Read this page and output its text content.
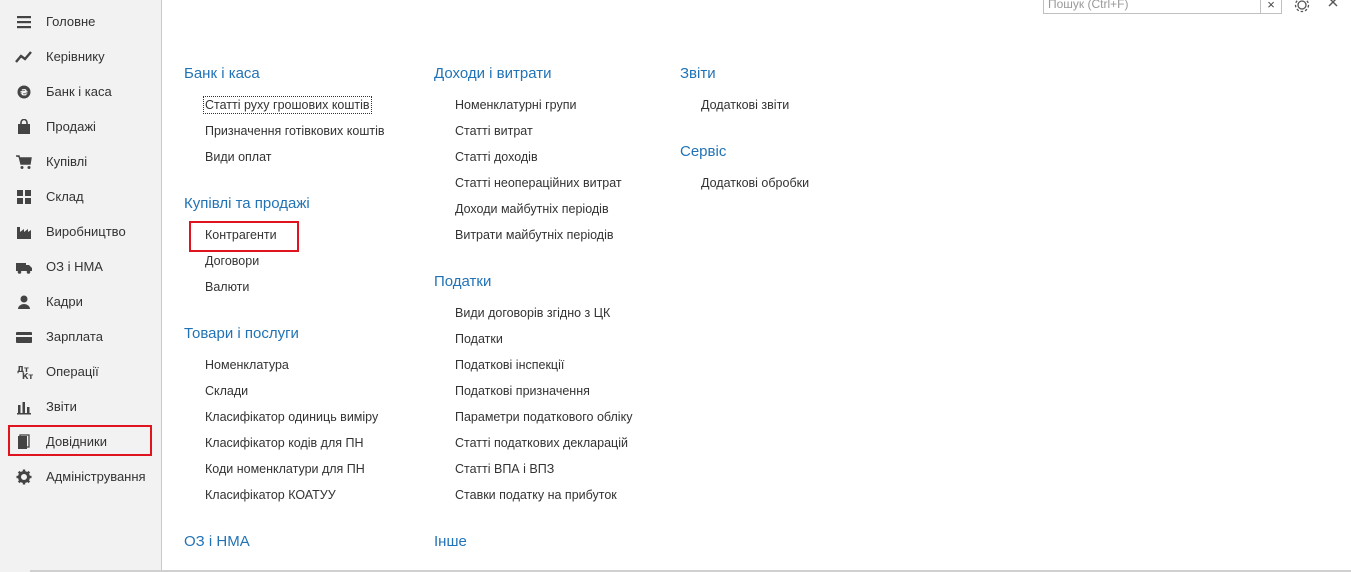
Головне
Керівнику
₴ Банк і каса
Продажі
Купівлі
Склад
Виробництво
ОЗ і НМА
Кадри
Зарплата
Дт
Кт Операції
Звіти
Довідники
Адміністрування
Пошук (Ctrl+F)
×
Банк і каса
Статті руху грошових коштів
Призначення готівкових коштів
Види оплат
Купівлі та продажі
Контрагенти
Договори
Валюти
Товари і послуги
Номенклатура
Склади
Класифікатор одиниць виміру
Класифікатор кодів для ПН
Коди номенклатури для ПН
Класифікатор КОАТУУ
ОЗ і НМА
Доходи і витрати
Номенклатурні групи
Статті витрат
Статті доходів
Статті неопераційних витрат
Доходи майбутніх періодів
Витрати майбутніх періодів
Податки
Види договорів згідно з ЦК
Податки
Податкові інспекції
Податкові призначення
Параметри податкового обліку
Статті податкових декларацій
Статті ВПА і ВПЗ
Ставки податку на прибуток
Інше
Звіти
Додаткові звіти
Сервіс
Додаткові обробки
